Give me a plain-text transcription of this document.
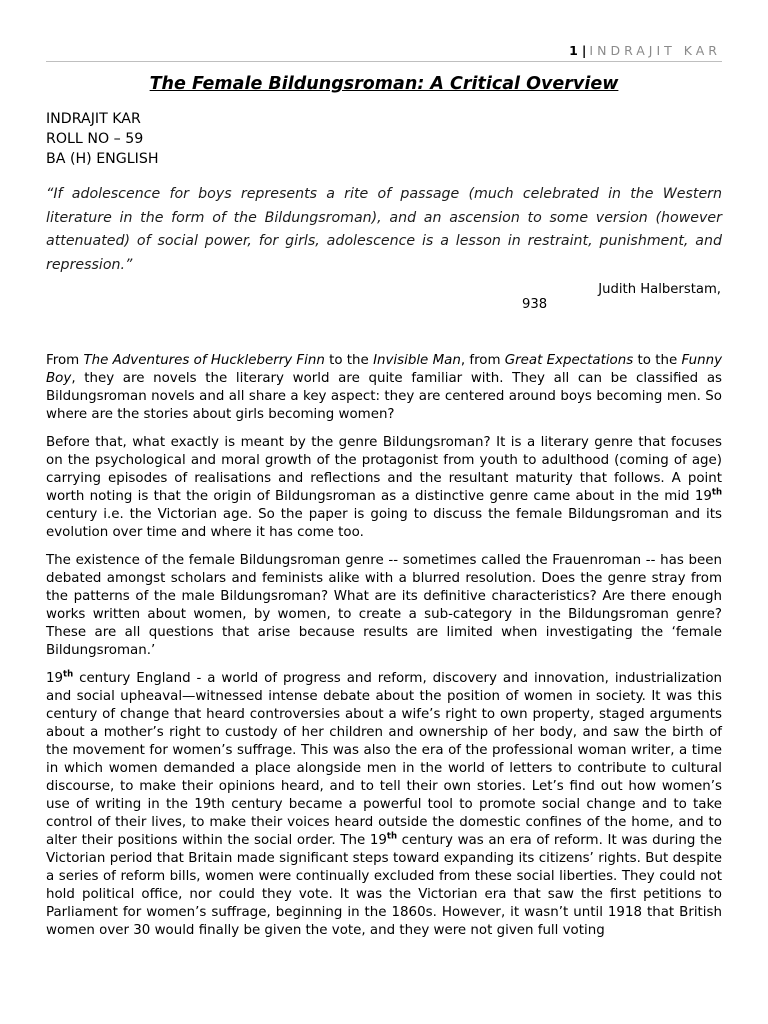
1 | INDRAJIT KAR
The Female Bildungsroman: A Critical Overview
INDRAJIT KAR
ROLL NO – 59
BA (H) ENGLISH
“If adolescence for boys represents a rite of passage (much celebrated in the Western literature in the form of the Bildungsroman), and an ascension to some version (however attenuated) of social power, for girls, adolescence is a lesson in restraint, punishment, and repression.”
Judith Halberstam,
938

From The Adventures of Huckleberry Finn to the Invisible Man, from Great Expectations to the Funny Boy, they are novels the literary world are quite familiar with. They all can be classified as Bildungsroman novels and all share a key aspect: they are centered around boys becoming men. So where are the stories about girls becoming women?

Before that, what exactly is meant by the genre Bildungsroman? It is a literary genre that focuses on the psychological and moral growth of the protagonist from youth to adulthood (coming of age) carrying episodes of realisations and reflections and the resultant maturity that follows. A point worth noting is that the origin of Bildungsroman as a distinctive genre came about in the mid 19th century i.e. the Victorian age. So the paper is going to discuss the female Bildungsroman and its evolution over time and where it has come too.

The existence of the female Bildungsroman genre -- sometimes called the Frauenroman -- has been debated amongst scholars and feminists alike with a blurred resolution. Does the genre stray from the patterns of the male Bildungsroman? What are its definitive characteristics? Are there enough works written about women, by women, to create a sub-category in the Bildungsroman genre? These are all questions that arise because results are limited when investigating the ‘female Bildungsroman.’

19th century England - a world of progress and reform, discovery and innovation, industrialization and social upheaval—witnessed intense debate about the position of women in society. It was this century of change that heard controversies about a wife’s right to own property, staged arguments about a mother’s right to custody of her children and ownership of her body, and saw the birth of the movement for women’s suffrage. This was also the era of the professional woman writer, a time in which women demanded a place alongside men in the world of letters to contribute to cultural discourse, to make their opinions heard, and to tell their own stories. Let’s find out how women’s use of writing in the 19th century became a powerful tool to promote social change and to take control of their lives, to make their voices heard outside the domestic confines of the home, and to alter their positions within the social order. The 19th century was an era of reform. It was during the Victorian period that Britain made significant steps toward expanding its citizens’ rights. But despite a series of reform bills, women were continually excluded from these social liberties. They could not hold political office, nor could they vote. It was the Victorian era that saw the first petitions to Parliament for women’s suffrage, beginning in the 1860s. However, it wasn’t until 1918 that British women over 30 would finally be given the vote, and they were not given full voting
